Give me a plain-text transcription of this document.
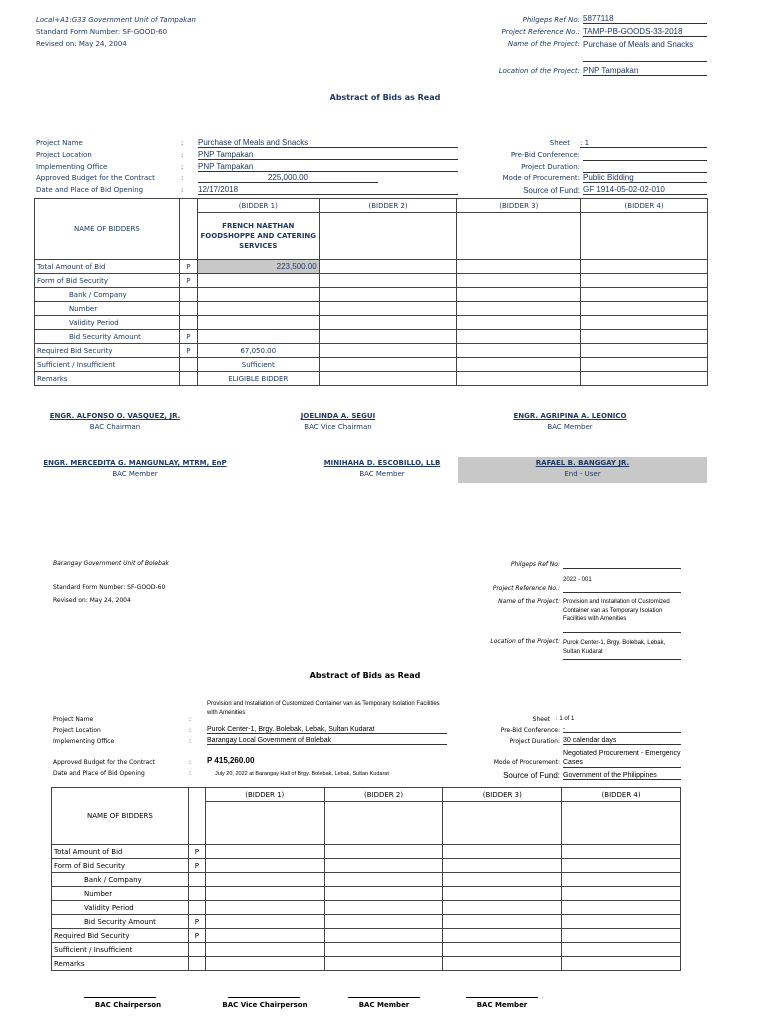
Local+A1:G33 Government Unit of Tampakan
Standard Form Number: SF-GOOD-60
Revised on: May 24, 2004
Philgeps Ref No: 5877118
Project Reference No.: TAMP-PB-GOODS-33-2018
Name of the Project: Purchase of Meals and Snacks
Location of the Project: PNP Tampakan
Abstract of Bids as Read
Project Name	: Purchase of Meals and Snacks
Project Location	: PNP Tampakan
Implementing Office	: PNP Tampakan
Approved Budget for the Contract	:	225,000.00
Date and Place of Bid Opening	: 12/17/2018
Sheet : 1
Pre-Bid Conference:
Project Duration:
Mode of Procurement: Public Bidding
Source of Fund: GF 1914-05-02-02-010
NAME OF BIDDERS		(BIDDER 1)	(BIDDER 2)	(BIDDER 3)	(BIDDER 4)
		FRENCH NAETHAN FOODSHOPPE AND CATERING SERVICES			
Total Amount of Bid	P	223,500.00			
Form of Bid Security	P				
Bank / Company					
Number					
Validity Period					
Bid Security Amount	P				
Required Bid Security	P	67,050.00			
Sufficient / Insufficient		Sufficient			
Remarks		ELIGIBLE BIDDER			
ENGR. ALFONSO O. VASQUEZ, JR.
BAC Chairman
JOELINDA A. SEGUI
BAC Vice Chairman
ENGR. AGRIPINA A. LEONICO
BAC Member
ENGR. MERCEDITA G. MANGUNLAY, MTRM, EnP
BAC Member
MINIHAHA D. ESCOBILLO, LLB
BAC Member
RAFAEL B. BANGGAY JR.
End - User
Barangay Government Unit of Bolebak
Standard Form Number: SF-GOOD-60
Revised on: May 24, 2004
Philgeps Ref No:
Project Reference No.:
2022 - 001
Name of the Project: Provision and Installation of Customized Container van as Temporary Isolation Facilities with Amenities
Location of the Project: Purok Center-1, Brgy. Bolebak, Lebak, Sultan Kudarat
Abstract of Bids as Read
Provision and Installation of Customized Container van as Temporary Isolation Facilities with Amenities
Project Name	:
Project Location	: Purok Center-1, Brgy. Bolebak, Lebak, Sultan Kudarat
Implementing Office	: Barangay Local Government of Bolebak
Approved Budget for the Contract	: P 415,260.00
Date and Place of Bid Opening	:	July 20, 2022 at Barangay Hall of Brgy. Bolebak, Lebak, Sultan Kudarat
Sheet : 1 of 1
Pre-Bid Conference: -
Project Duration: 30 calendar days
Mode of Procurement:
Negotiated Procurement - Emergency Cases
Source of Fund: Government of the Philippines
NAME OF BIDDERS		(BIDDER 1)	(BIDDER 2)	(BIDDER 3)	(BIDDER 4)

Total Amount of Bid	P				
Form of Bid Security	P				
Bank / Company					
Number					
Validity Period					
Bid Security Amount	P				
Required Bid Security	P				
Sufficient / Insufficient					
Remarks					
BAC Chairperson	BAC Vice Chairperson	BAC Member	BAC Member
